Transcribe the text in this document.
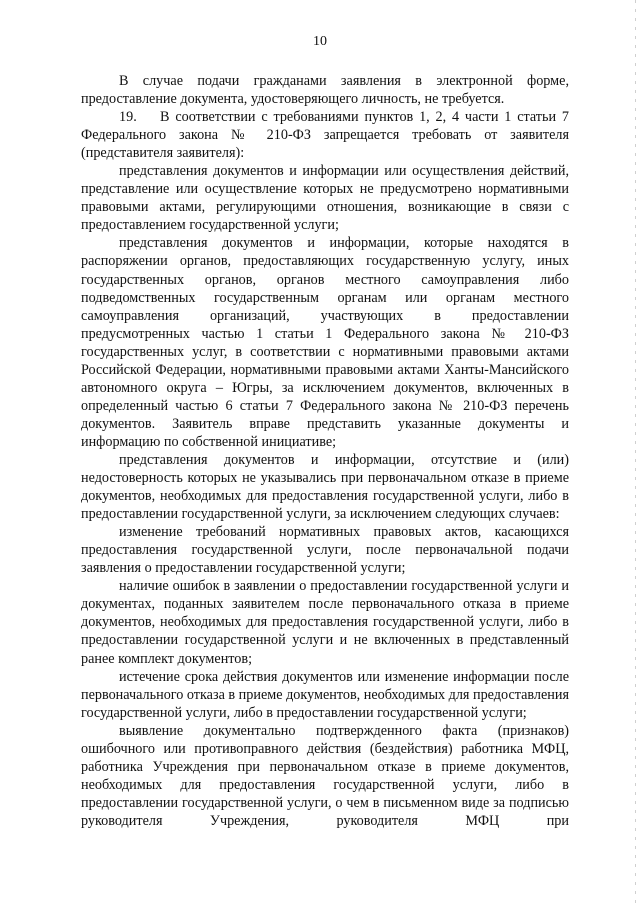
10

В случае подачи гражданами заявления в электронной форме, предоставление документа, удостоверяющего личность, не требуется.

19.    В соответствии с требованиями пунктов 1, 2, 4 части 1 статьи 7 Федерального закона № 210-ФЗ запрещается требовать от заявителя (представителя заявителя):

представления документов и информации или осуществления действий, представление или осуществление которых не предусмотрено нормативными правовыми актами, регулирующими отношения, возникающие в связи с предоставлением государственной услуги;

представления документов и информации, которые находятся в распоряжении органов, предоставляющих государственную услугу, иных государственных органов, органов местного самоуправления либо подведомственных государственным органам или органам местного самоуправления организаций, участвующих в предоставлении предусмотренных частью 1 статьи 1 Федерального закона № 210-ФЗ государственных услуг, в соответствии с нормативными правовыми актами Российской Федерации, нормативными правовыми актами Ханты-Мансийского автономного округа – Югры, за исключением документов, включенных в определенный частью 6 статьи 7 Федерального закона № 210-ФЗ перечень документов. Заявитель вправе представить указанные документы и информацию по собственной инициативе;

представления документов и информации, отсутствие и (или) недостоверность которых не указывались при первоначальном отказе в приеме документов, необходимых для предоставления государственной услуги, либо в предоставлении государственной услуги, за исключением следующих случаев:

изменение требований нормативных правовых актов, касающихся предоставления государственной услуги, после первоначальной подачи заявления о предоставлении государственной услуги;

наличие ошибок в заявлении о предоставлении государственной услуги и документах, поданных заявителем после первоначального отказа в приеме документов, необходимых для предоставления государственной услуги, либо в предоставлении государственной услуги и не включенных в представленный ранее комплект документов;

истечение срока действия документов или изменение информации после первоначального отказа в приеме документов, необходимых для предоставления государственной услуги, либо в предоставлении государственной услуги;

выявление документально подтвержденного факта (признаков) ошибочного или противоправного действия (бездействия) работника МФЦ, работника Учреждения при первоначальном отказе в приеме документов, необходимых для предоставления государственной услуги, либо в предоставлении государственной услуги, о чем в письменном виде за подписью руководителя Учреждения, руководителя МФЦ при
